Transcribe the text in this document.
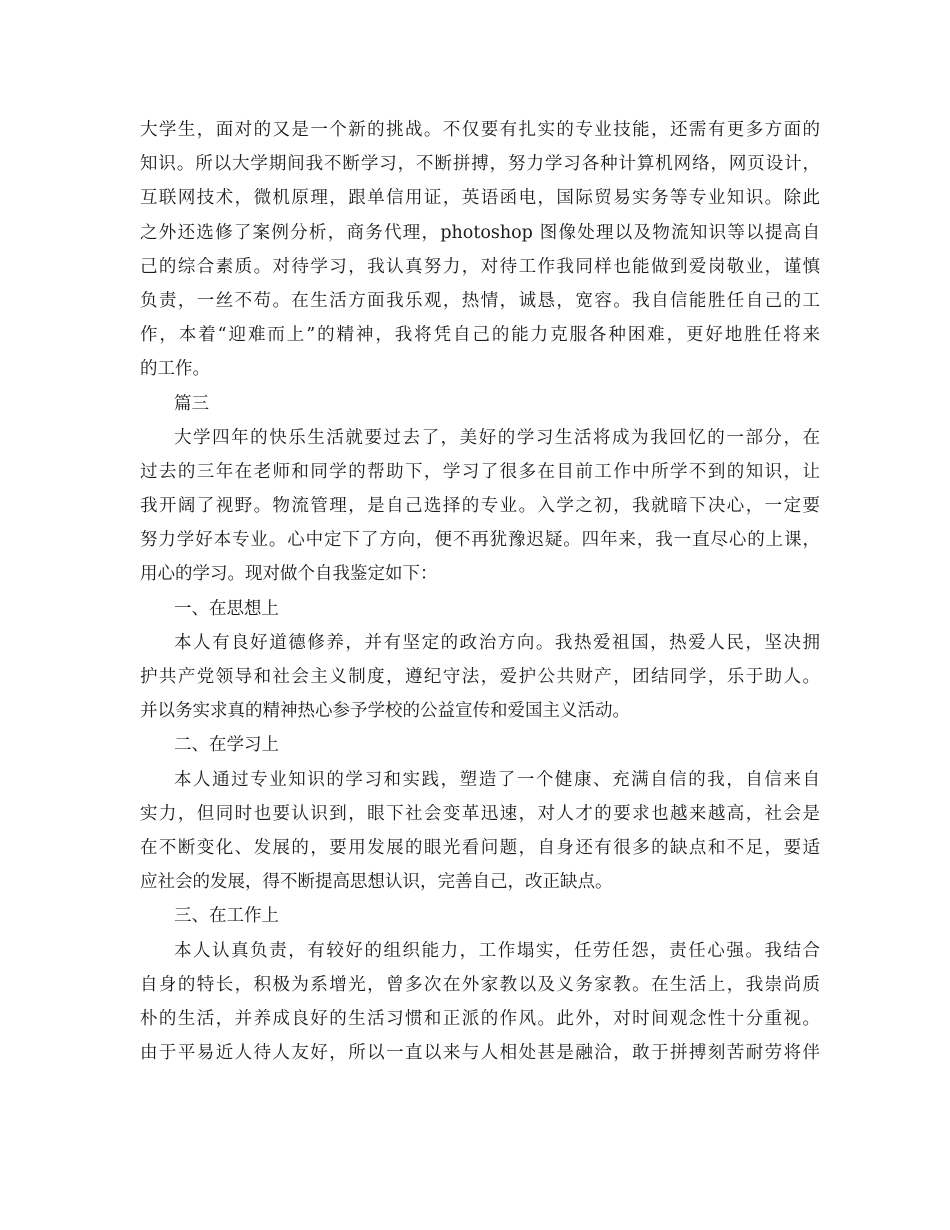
大学生，面对的又是一个新的挑战。不仅要有扎实的专业技能，还需有更多方面的
知识。所以大学期间我不断学习，不断拼搏，努力学习各种计算机网络，网页设计，
互联网技术，微机原理，跟单信用证，英语函电，国际贸易实务等专业知识。除此
之外还选修了案例分析，商务代理，photoshop 图像处理以及物流知识等以提高自
己的综合素质。对待学习，我认真努力，对待工作我同样也能做到爱岗敬业，谨慎
负责，一丝不苟。在生活方面我乐观，热情，诚恳，宽容。我自信能胜任自己的工
作，本着“迎难而上”的精神，我将凭自己的能力克服各种困难，更好地胜任将来
的工作。
篇三
大学四年的快乐生活就要过去了，美好的学习生活将成为我回忆的一部分，在
过去的三年在老师和同学的帮助下，学习了很多在目前工作中所学不到的知识，让
我开阔了视野。物流管理，是自己选择的专业。入学之初，我就暗下决心，一定要
努力学好本专业。心中定下了方向，便不再犹豫迟疑。四年来，我一直尽心的上课，
用心的学习。现对做个自我鉴定如下：
一、在思想上
本人有良好道德修养，并有坚定的政治方向。我热爱祖国，热爱人民，坚决拥
护共产党领导和社会主义制度，遵纪守法，爱护公共财产，团结同学，乐于助人。
并以务实求真的精神热心参予学校的公益宣传和爱国主义活动。
二、在学习上
本人通过专业知识的学习和实践，塑造了一个健康、充满自信的我，自信来自
实力，但同时也要认识到，眼下社会变革迅速，对人才的要求也越来越高，社会是
在不断变化、发展的，要用发展的眼光看问题，自身还有很多的缺点和不足，要适
应社会的发展，得不断提高思想认识，完善自己，改正缺点。
三、在工作上
本人认真负责，有较好的组织能力，工作塌实，任劳任怨，责任心强。我结合
自身的特长，积极为系增光，曾多次在外家教以及义务家教。在生活上，我崇尚质
朴的生活，并养成良好的生活习惯和正派的作风。此外，对时间观念性十分重视。
由于平易近人待人友好，所以一直以来与人相处甚是融洽，敢于拼搏刻苦耐劳将伴
